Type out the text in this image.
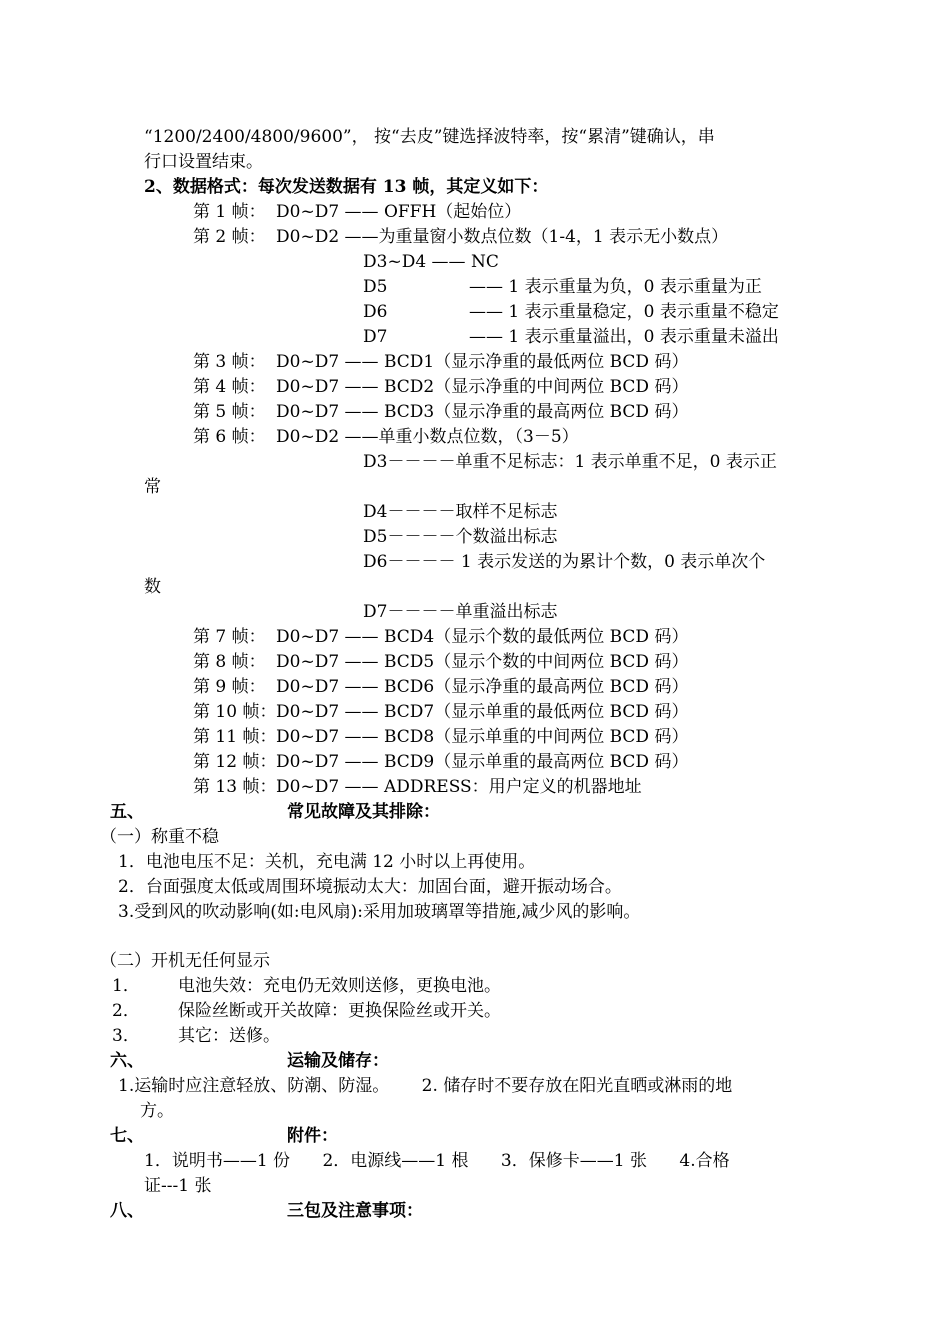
“1200/2400/4800/9600”， 按“去皮”键选择波特率，按“累清”键确认，串
行口设置结束。
2、数据格式：每次发送数据有 13 帧，其定义如下：
第 1 帧： D0~D7 —— OFFH（起始位）
第 2 帧： D0~D2 ——为重量窗小数点位数（1-4，1 表示无小数点）
D3~D4 —— NC
D5	—— 1 表示重量为负，0 表示重量为正
D6	—— 1 表示重量稳定，0 表示重量不稳定
D7	—— 1 表示重量溢出，0 表示重量未溢出
第 3 帧： D0~D7 —— BCD1（显示净重的最低两位 BCD 码）
第 4 帧： D0~D7 —— BCD2（显示净重的中间两位 BCD 码）
第 5 帧： D0~D7 —— BCD3（显示净重的最高两位 BCD 码）
第 6 帧： D0~D2 ——单重小数点位数，（3－5）
D3－－－－单重不足标志：1 表示单重不足，0 表示正
常
D4－－－－取样不足标志
D5－－－－个数溢出标志
D6－－－－ 1 表示发送的为累计个数，0 表示单次个
数
D7－－－－单重溢出标志
第 7 帧： D0~D7 —— BCD4（显示个数的最低两位 BCD 码）
第 8 帧： D0~D7 —— BCD5（显示个数的中间两位 BCD 码）
第 9 帧： D0~D7 —— BCD6（显示净重的最高两位 BCD 码）
第 10 帧： D0~D7 —— BCD7（显示单重的最低两位 BCD 码）
第 11 帧： D0~D7 —— BCD8（显示单重的中间两位 BCD 码）
第 12 帧： D0~D7 —— BCD9（显示单重的最高两位 BCD 码）
第 13 帧： D0~D7 —— ADDRESS：用户定义的机器地址
五、	常见故障及其排除：
（一）称重不稳
1．电池电压不足：关机，充电满 12 小时以上再使用。
2．台面强度太低或周围环境振动太大：加固台面，避开振动场合。
3.受到风的吹动影响(如:电风扇):采用加玻璃罩等措施,减少风的影响。
（二）开机无任何显示
1． 电池失效：充电仍无效则送修，更换电池。
2． 保险丝断或开关故障：更换保险丝或开关。
3． 其它：送修。
六、	运输及储存：
1.运输时应注意轻放、防潮、防湿。      2. 储存时不要存放在阳光直晒或淋雨的地
方。
七、	附件：
1．说明书——1 份      2．电源线——1 根      3．保修卡——1 张      4.合格
证---1 张
八、	三包及注意事项：
